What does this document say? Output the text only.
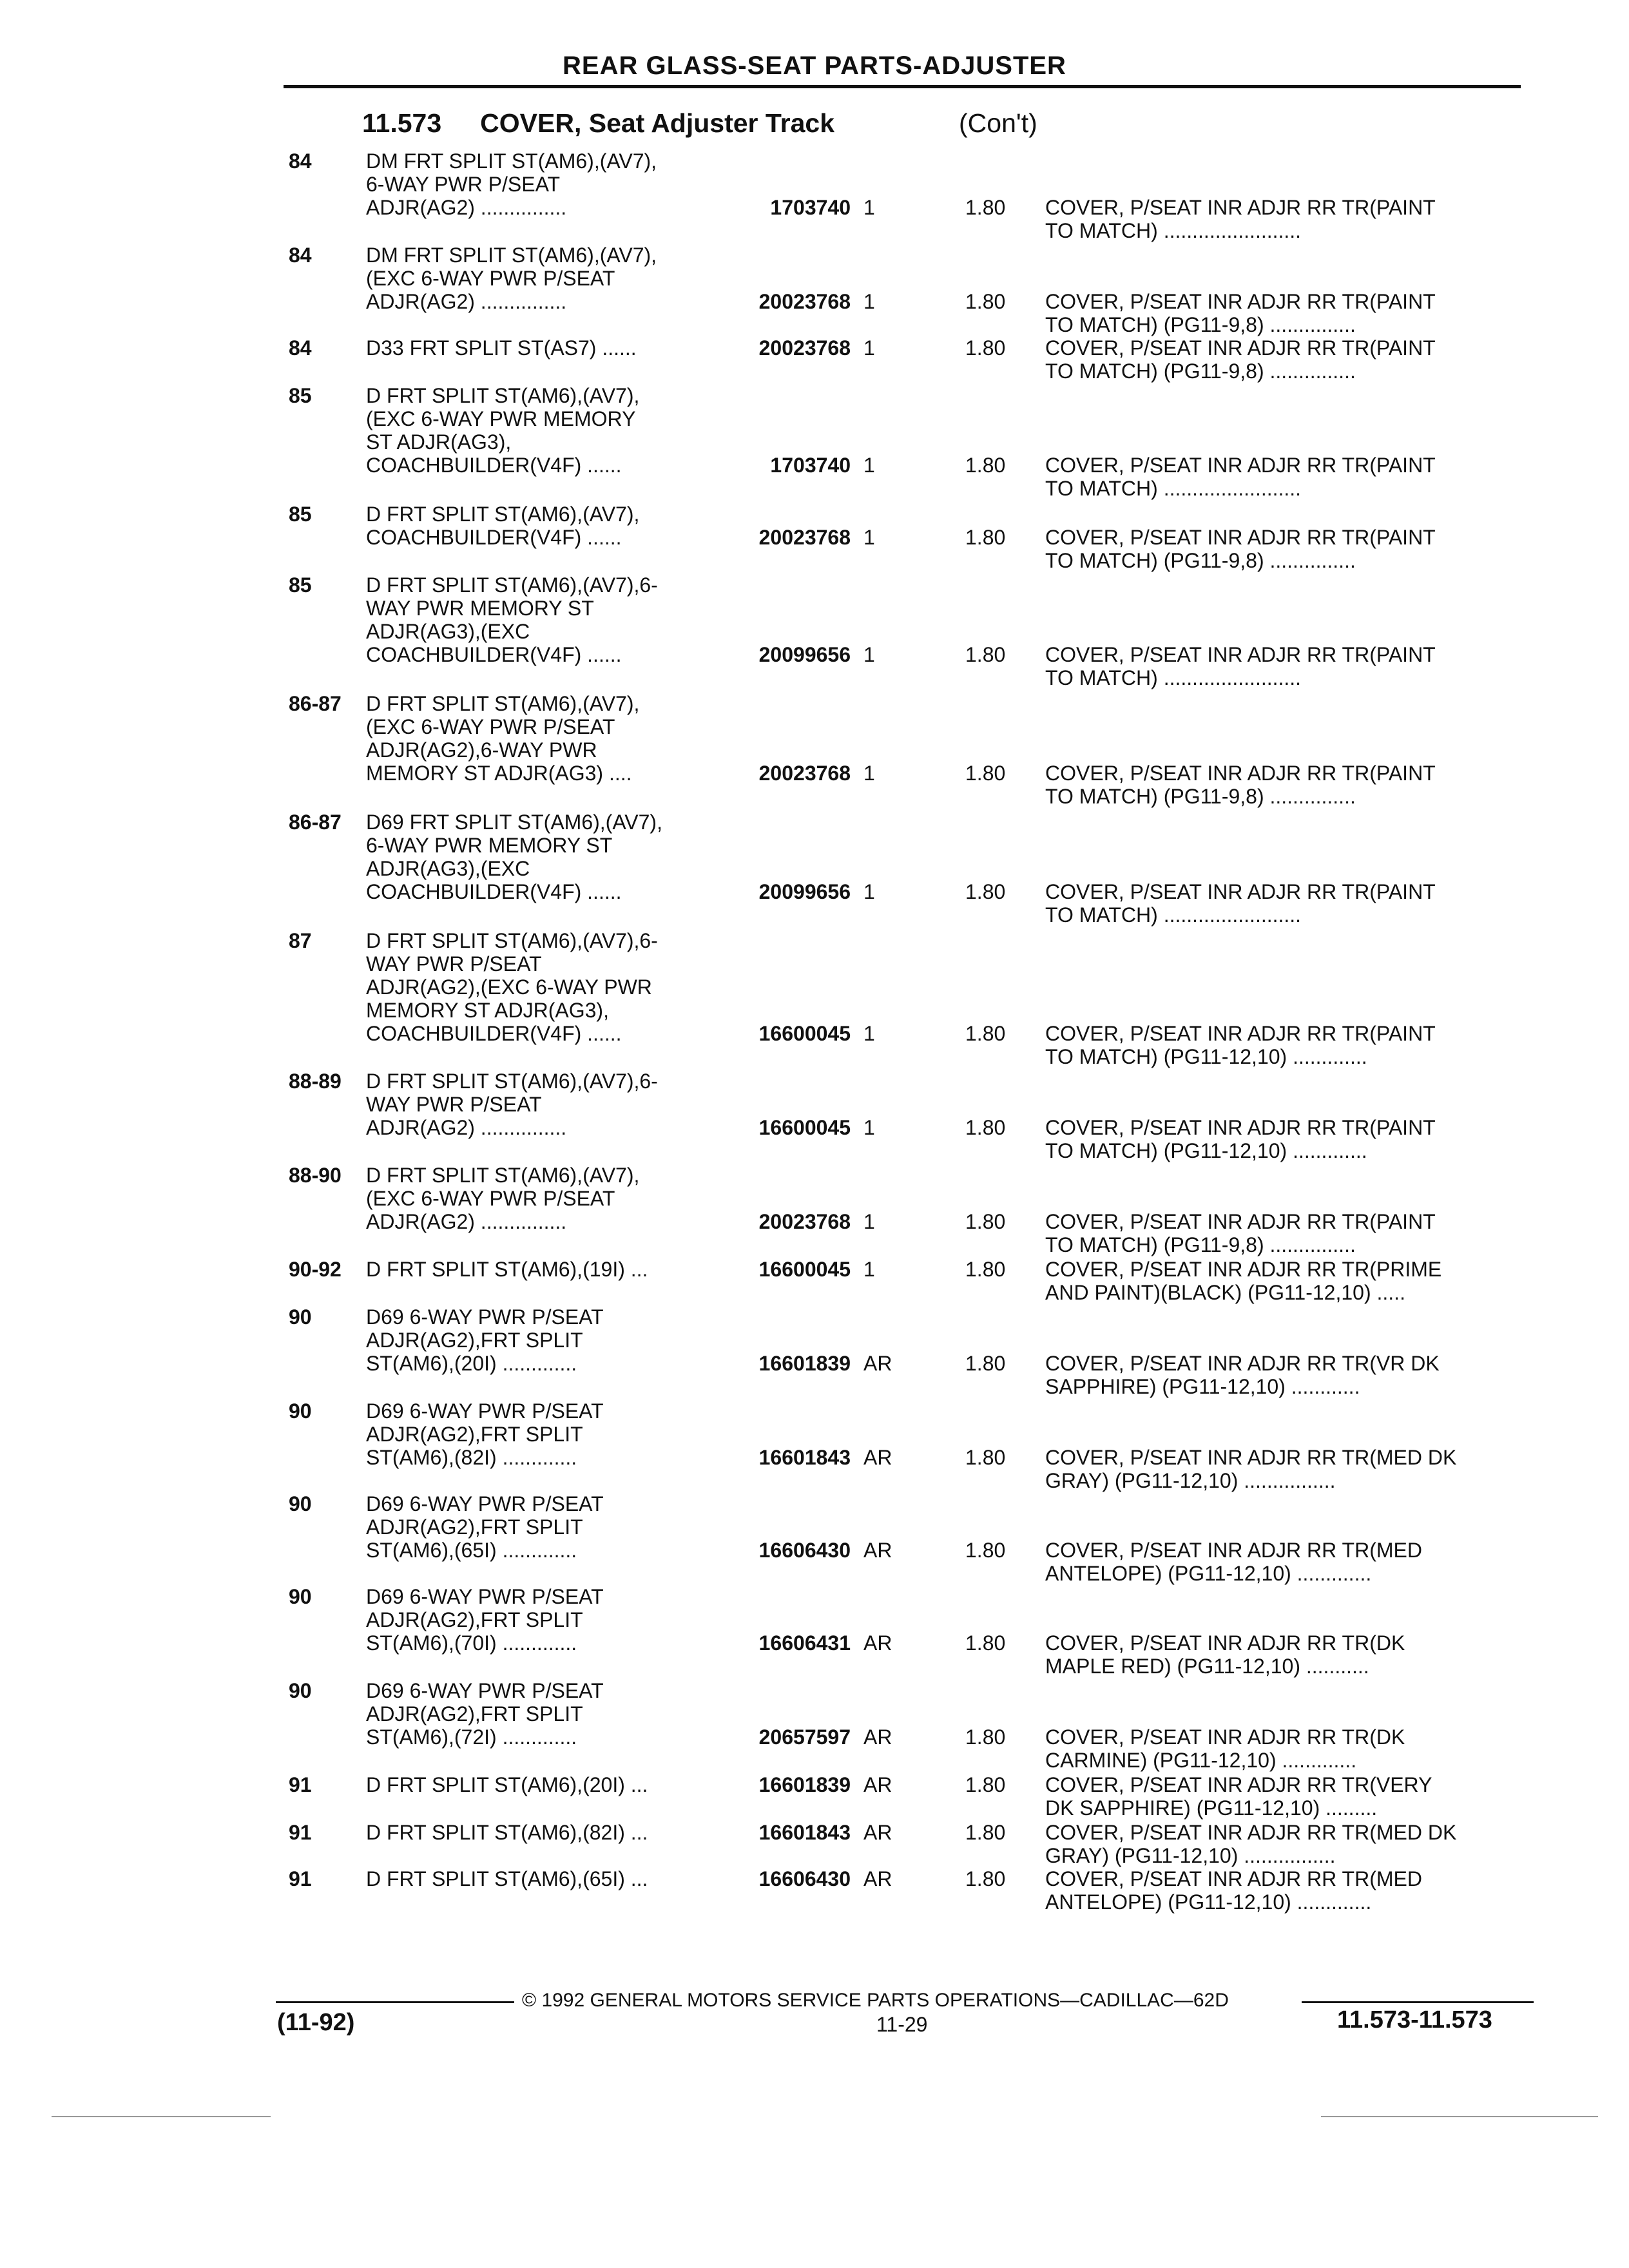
REAR GLASS-SEAT PARTS-ADJUSTER
11.573 COVER, Seat Adjuster Track	(Con't)
84	DM FRT SPLIT ST(AM6),(AV7),
6-WAY PWR P/SEAT
ADJR(AG2) ...............	1703740 1	1.80 COVER, P/SEAT INR ADJR RR TR(PAINT
TO MATCH) ........................
84	DM FRT SPLIT ST(AM6),(AV7),
(EXC 6-WAY PWR P/SEAT
ADJR(AG2) ...............	20023768 1	1.80 COVER, P/SEAT INR ADJR RR TR(PAINT
TO MATCH) (PG11-9,8) ...............
84	D33 FRT SPLIT ST(AS7) ......	20023768 1	1.80 COVER, P/SEAT INR ADJR RR TR(PAINT
TO MATCH) (PG11-9,8) ...............
85	D FRT SPLIT ST(AM6),(AV7),
(EXC 6-WAY PWR MEMORY
ST ADJR(AG3),
COACHBUILDER(V4F) ......	1703740 1	1.80 COVER, P/SEAT INR ADJR RR TR(PAINT
TO MATCH) ........................
85	D FRT SPLIT ST(AM6),(AV7),
COACHBUILDER(V4F) ......	20023768 1	1.80 COVER, P/SEAT INR ADJR RR TR(PAINT
TO MATCH) (PG11-9,8) ...............
85	D FRT SPLIT ST(AM6),(AV7),6-
WAY PWR MEMORY ST
ADJR(AG3),(EXC
COACHBUILDER(V4F) ......	20099656 1	1.80 COVER, P/SEAT INR ADJR RR TR(PAINT
TO MATCH) ........................
86-87 D FRT SPLIT ST(AM6),(AV7),
(EXC 6-WAY PWR P/SEAT
ADJR(AG2),6-WAY PWR
MEMORY ST ADJR(AG3) ....	20023768 1	1.80 COVER, P/SEAT INR ADJR RR TR(PAINT
TO MATCH) (PG11-9,8) ...............
86-87 D69 FRT SPLIT ST(AM6),(AV7),
6-WAY PWR MEMORY ST
ADJR(AG3),(EXC
COACHBUILDER(V4F) ......	20099656 1	1.80 COVER, P/SEAT INR ADJR RR TR(PAINT
TO MATCH) ........................
87	D FRT SPLIT ST(AM6),(AV7),6-
WAY PWR P/SEAT
ADJR(AG2),(EXC 6-WAY PWR
MEMORY ST ADJR(AG3),
COACHBUILDER(V4F) ......	16600045 1	1.80 COVER, P/SEAT INR ADJR RR TR(PAINT
TO MATCH) (PG11-12,10) .............
88-89 D FRT SPLIT ST(AM6),(AV7),6-
WAY PWR P/SEAT
ADJR(AG2) ...............	16600045 1	1.80 COVER, P/SEAT INR ADJR RR TR(PAINT
TO MATCH) (PG11-12,10) .............
88-90 D FRT SPLIT ST(AM6),(AV7),
(EXC 6-WAY PWR P/SEAT
ADJR(AG2) ...............	20023768 1	1.80 COVER, P/SEAT INR ADJR RR TR(PAINT
TO MATCH) (PG11-9,8) ...............
90-92 D FRT SPLIT ST(AM6),(19I) ...	16600045 1	1.80 COVER, P/SEAT INR ADJR RR TR(PRIME
AND PAINT)(BLACK) (PG11-12,10) .....
90	D69 6-WAY PWR P/SEAT
ADJR(AG2),FRT SPLIT
ST(AM6),(20I) .............	16601839 AR	1.80 COVER, P/SEAT INR ADJR RR TR(VR DK
SAPPHIRE) (PG11-12,10) ............
90	D69 6-WAY PWR P/SEAT
ADJR(AG2),FRT SPLIT
ST(AM6),(82I) .............	16601843 AR	1.80 COVER, P/SEAT INR ADJR RR TR(MED DK
GRAY) (PG11-12,10) ................
90	D69 6-WAY PWR P/SEAT
ADJR(AG2),FRT SPLIT
ST(AM6),(65I) .............	16606430 AR	1.80 COVER, P/SEAT INR ADJR RR TR(MED
ANTELOPE) (PG11-12,10) .............
90	D69 6-WAY PWR P/SEAT
ADJR(AG2),FRT SPLIT
ST(AM6),(70I) .............	16606431 AR	1.80 COVER, P/SEAT INR ADJR RR TR(DK
MAPLE RED) (PG11-12,10) ...........
90	D69 6-WAY PWR P/SEAT
ADJR(AG2),FRT SPLIT
ST(AM6),(72I) .............	20657597 AR	1.80 COVER, P/SEAT INR ADJR RR TR(DK
CARMINE) (PG11-12,10) .............
91	D FRT SPLIT ST(AM6),(20I) ...	16601839 AR	1.80 COVER, P/SEAT INR ADJR RR TR(VERY
DK SAPPHIRE) (PG11-12,10) .........
91	D FRT SPLIT ST(AM6),(82I) ...	16601843 AR	1.80 COVER, P/SEAT INR ADJR RR TR(MED DK
GRAY) (PG11-12,10) ................
91	D FRT SPLIT ST(AM6),(65I) ...	16606430 AR	1.80 COVER, P/SEAT INR ADJR RR TR(MED
ANTELOPE) (PG11-12,10) .............
© 1992 GENERAL MOTORS SERVICE PARTS OPERATIONS—CADILLAC—62D
(11-92)	11-29	11.573-11.573
